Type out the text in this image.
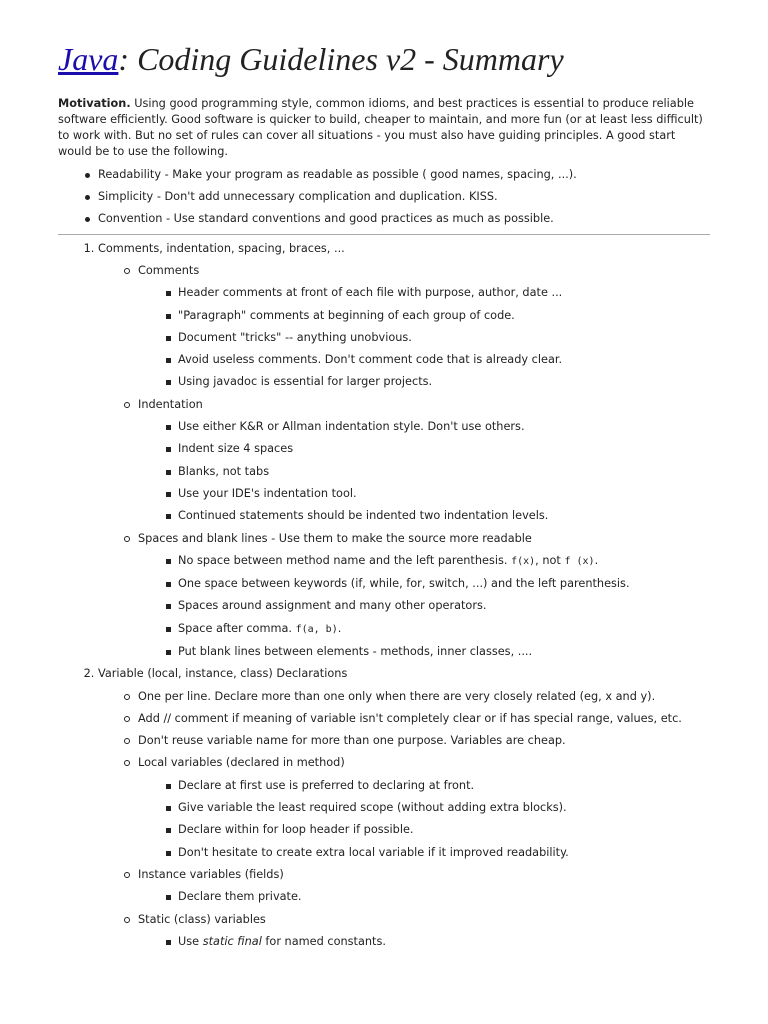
Java: Coding Guidelines v2 - Summary

Motivation. Using good programming style, common idioms, and best practices is essential to produce reliable software efficiently. Good software is quicker to build, cheaper to maintain, and more fun (or at least less difficult) to work with. But no set of rules can cover all situations - you must also have guiding principles. A good start would be to use the following.

Readability - Make your program as readable as possible ( good names, spacing, ...).
Simplicity - Don't add unnecessary complication and duplication. KISS.
Convention - Use standard conventions and good practices as much as possible.
1. Comments, indentation, spacing, braces, ...
Comments
Header comments at front of each file with purpose, author, date ...
"Paragraph" comments at beginning of each group of code.
Document "tricks" -- anything unobvious.
Avoid useless comments. Don't comment code that is already clear.
Using javadoc is essential for larger projects.
Indentation
Use either K&R or Allman indentation style. Don't use others.
Indent size 4 spaces
Blanks, not tabs
Use your IDE's indentation tool.
Continued statements should be indented two indentation levels.
Spaces and blank lines - Use them to make the source more readable
No space between method name and the left parenthesis. f(x), not f (x).
One space between keywords (if, while, for, switch, ...) and the left parenthesis.
Spaces around assignment and many other operators.
Space after comma. f(a, b).
Put blank lines between elements - methods, inner classes, ....
2. Variable (local, instance, class) Declarations
One per line. Declare more than one only when there are very closely related (eg, x and y).
Add // comment if meaning of variable isn't completely clear or if has special range, values, etc.
Don't reuse variable name for more than one purpose. Variables are cheap.
Local variables (declared in method)
Declare at first use is preferred to declaring at front.
Give variable the least required scope (without adding extra blocks).
Declare within for loop header if possible.
Don't hesitate to create extra local variable if it improved readability.
Instance variables (fields)
Declare them private.
Static (class) variables
Use static final for named constants.
